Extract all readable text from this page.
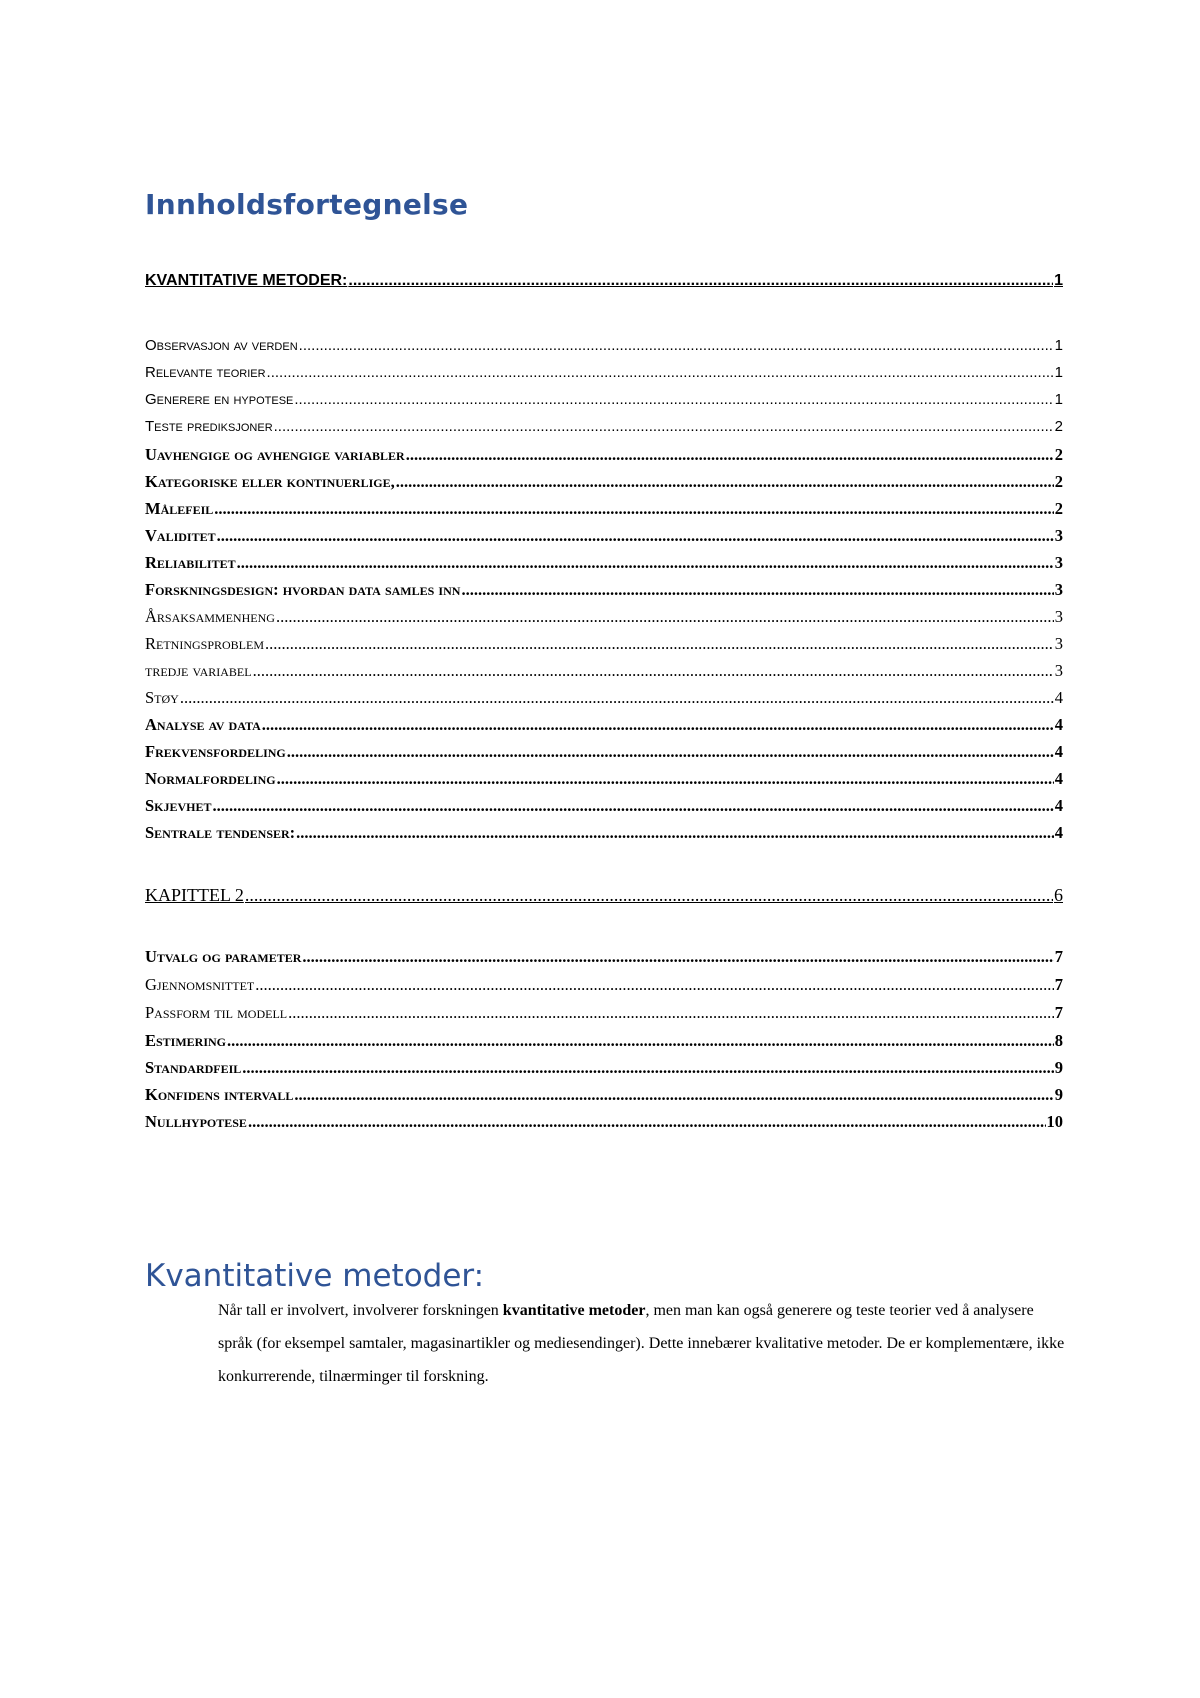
Innholdsfortegnelse
KVANTITATIVE METODER: .....	1
Observasjon av verden .....	1
Relevante teorier .....	1
Generere en hypotese .....	1
Teste prediksjoner .....	2
Uavhengige og avhengige variabler .....	2
Kategoriske eller kontinuerlige, .....	2
Målefeil .....	2
Validitet .....	3
Reliabilitet .....	3
Forskningsdesign: hvordan data samles inn .....	3
Årsaksammenheng .....	3
Retningsproblem .....	3
tredje variabel .....	3
Støy .....	4
Analyse av data .....	4
Frekvensfordeling .....	4
Normalfordeling .....	4
Skjevhet .....	4
Sentrale tendenser: .....	4
KAPITTEL 2 .....	6
Utvalg og parameter .....	7
Gjennomsnittet .....	7
Passform til modell .....	7
Estimering .....	8
Standardfeil .....	9
Konfidens intervall .....	9
Nullhypotese .....	10
Kvantitative metoder:
Når tall er involvert, involverer forskningen kvantitative metoder, men man kan også generere og teste teorier ved å analysere språk (for eksempel samtaler, magasinartikler og mediesendinger). Dette innebærer kvalitative metoder. De er komplementære, ikke konkurrerende, tilnærminger til forskning.
